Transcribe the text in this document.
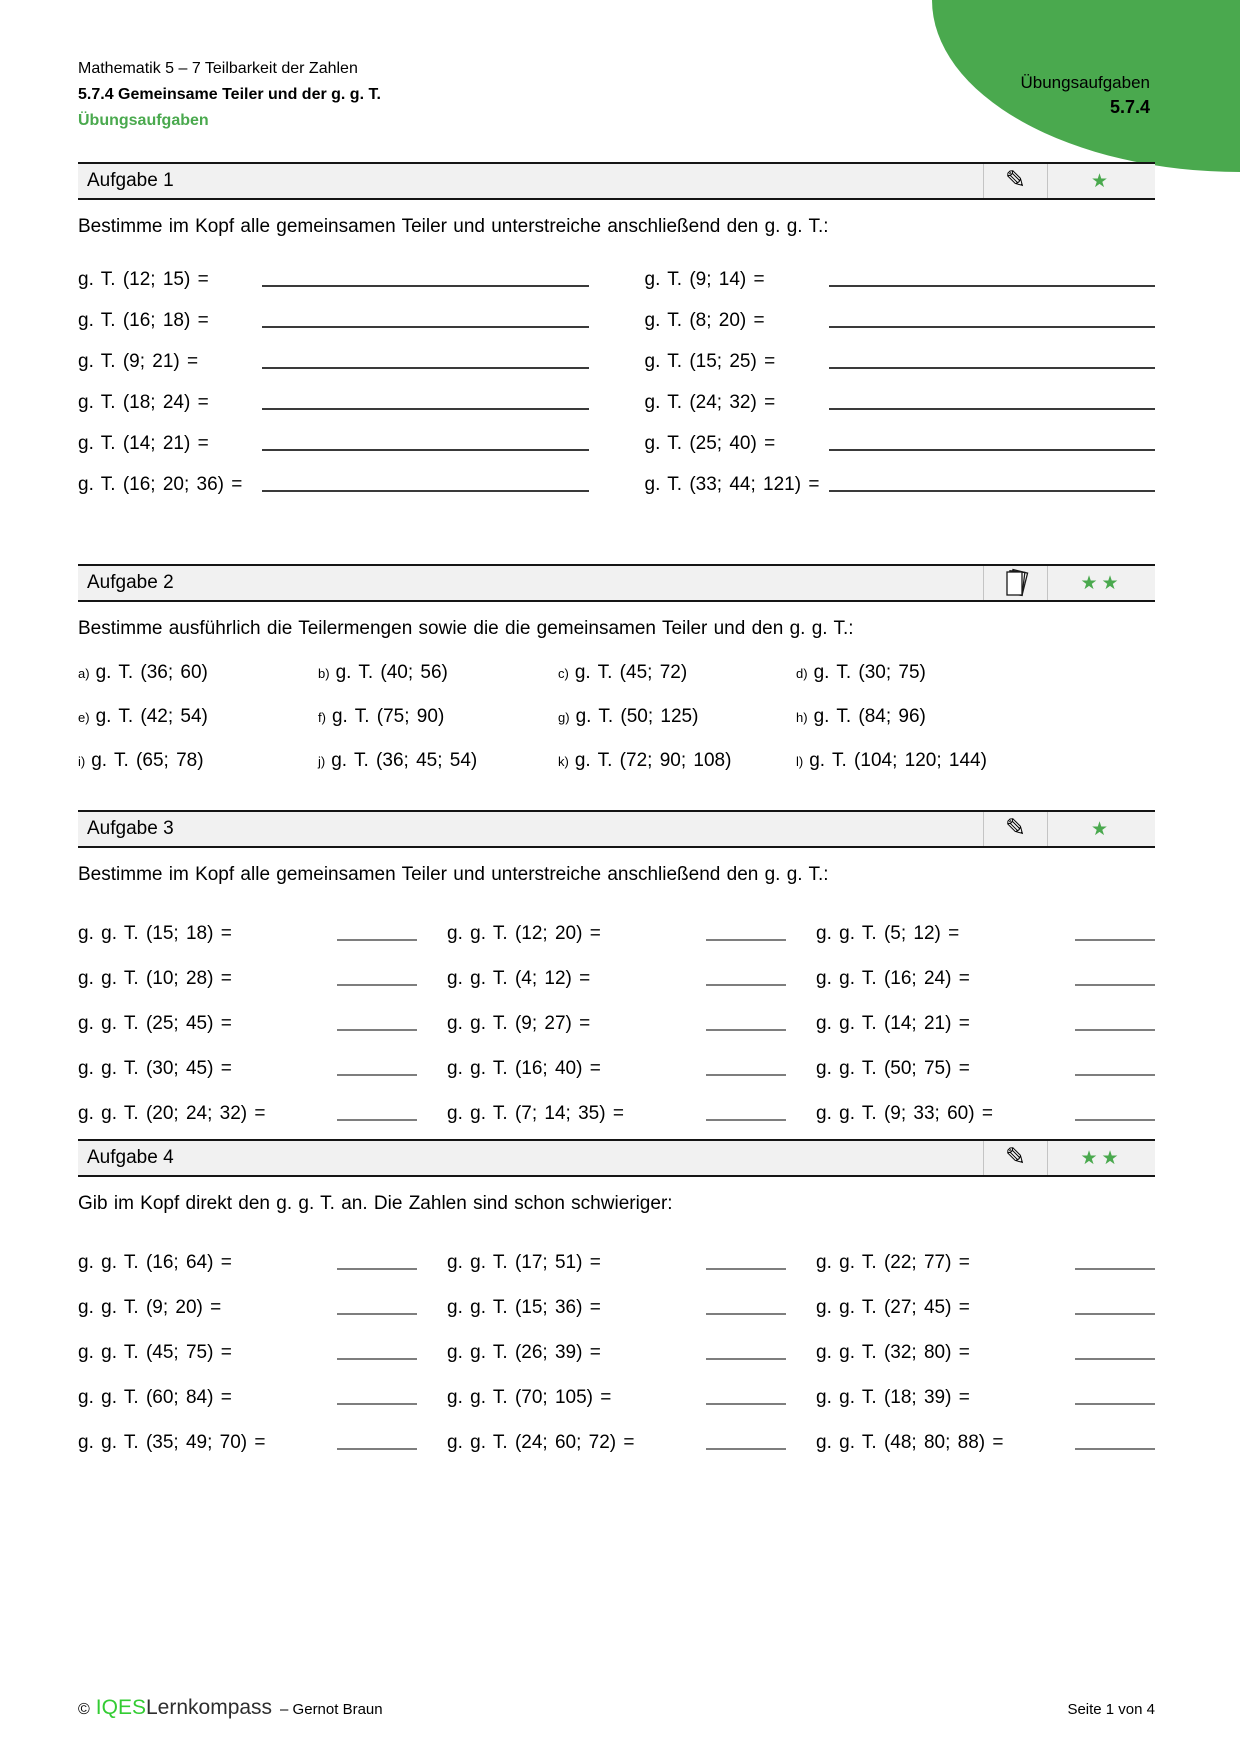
Übungsaufgaben
5.7.4
Mathematik 5 – 7 Teilbarkeit der Zahlen
5.7.4 Gemeinsame Teiler und der g. g. T.
Übungsaufgaben
Aufgabe 1	✎	★
Bestimme im Kopf alle gemeinsamen Teiler und unterstreiche anschließend den g. g. T.:
g. T. (12; 15) =	g. T. (9; 14) =
g. T. (16; 18) =	g. T. (8; 20) =
g. T. (9; 21) =	g. T. (15; 25) =
g. T. (18; 24) =	g. T. (24; 32) =
g. T. (14; 21) =	g. T. (25; 40) =
g. T. (16; 20; 36) =	g. T. (33; 44; 121) =
Aufgabe 2	★★
Bestimme ausführlich die Teilermengen sowie die die gemeinsamen Teiler und den g. g. T.:
a) g. T. (36; 60)	b) g. T. (40; 56)	c) g. T. (45; 72)	d) g. T. (30; 75)
e) g. T. (42; 54)	f) g. T. (75; 90)	g) g. T. (50; 125)	h) g. T. (84; 96)
i) g. T. (65; 78)	j) g. T. (36; 45; 54)	k) g. T. (72; 90; 108)	l) g. T. (104; 120; 144)
Aufgabe 3	✎	★
Bestimme im Kopf alle gemeinsamen Teiler und unterstreiche anschließend den g. g. T.:
g. g. T. (15; 18) =	g. g. T. (12; 20) =	g. g. T. (5; 12) =
g. g. T. (10; 28) =	g. g. T. (4; 12) =	g. g. T. (16; 24) =
g. g. T. (25; 45) =	g. g. T. (9; 27) =	g. g. T. (14; 21) =
g. g. T. (30; 45) =	g. g. T. (16; 40) =	g. g. T. (50; 75) =
g. g. T. (20; 24; 32) =	g. g. T. (7; 14; 35) =	g. g. T. (9; 33; 60) =
Aufgabe 4	✎	★★
Gib im Kopf direkt den g. g. T. an. Die Zahlen sind schon schwieriger:
g. g. T. (16; 64) =	g. g. T. (17; 51) =	g. g. T. (22; 77) =
g. g. T. (9; 20) =	g. g. T. (15; 36) =	g. g. T. (27; 45) =
g. g. T. (45; 75) =	g. g. T. (26; 39) =	g. g. T. (32; 80) =
g. g. T. (60; 84) =	g. g. T. (70; 105) =	g. g. T. (18; 39) =
g. g. T. (35; 49; 70) =	g. g. T. (24; 60; 72) =	g. g. T. (48; 80; 88) =
© IQES Lernkompass – Gernot Braun	Seite 1 von 4
